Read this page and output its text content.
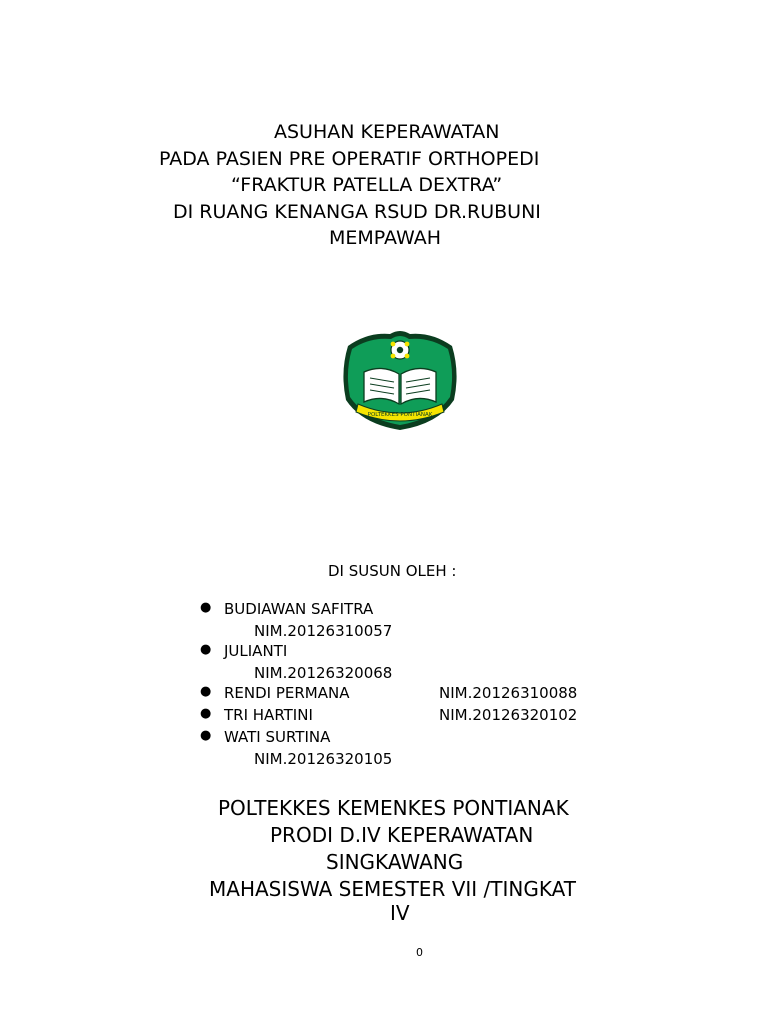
ASUHAN KEPERAWATAN
PADA PASIEN PRE OPERATIF ORTHOPEDI
“FRAKTUR PATELLA DEXTRA”
DI RUANG KENANGA RSUD DR.RUBUNI
MEMPAWAH
POLTEKKES PONTIANAK
DI SUSUN OLEH :
● BUDIAWAN SAFITRA
NIM.20126310057
● JULIANTI
NIM.20126320068
● RENDI PERMANA	NIM.20126310088
● TRI HARTINI	NIM.20126320102
● WATI SURTINA
NIM.20126320105
POLTEKKES KEMENKES PONTIANAK
PRODI D.IV KEPERAWATAN
SINGKAWANG
MAHASISWA SEMESTER VII /TINGKAT
IV
0
